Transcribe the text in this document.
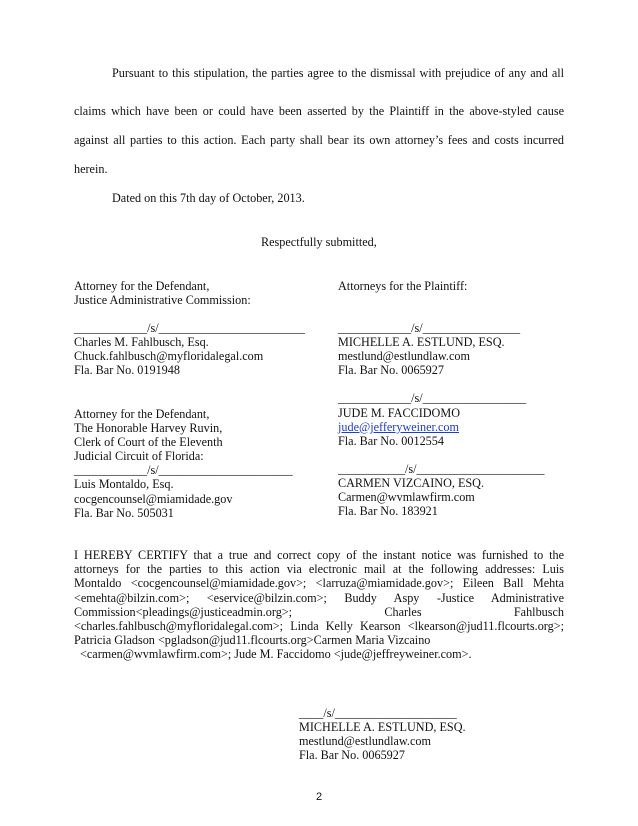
Pursuant to this stipulation, the parties agree to the dismissal with prejudice of any and all
claims which have been or could have been asserted by the Plaintiff in the above-styled cause
against all parties to this action. Each party shall bear its own attorney’s fees and costs incurred
herein.
Dated on this 7th day of October, 2013.
Respectfully submitted,
Attorney for the Defendant,
Justice Administrative Commission:
____________/s/________________________
Charles M. Fahlbusch, Esq.
Chuck.fahlbusch@myfloridalegal.com
Fla. Bar No. 0191948
Attorney for the Defendant,
The Honorable Harvey Ruvin,
Clerk of Court of the Eleventh
Judicial Circuit of Florida:
____________/s/______________________
Luis Montaldo, Esq.
cocgencounsel@miamidade.gov
Fla. Bar No. 505031
Attorneys for the Plaintiff:
____________/s/________________
MICHELLE A. ESTLUND, ESQ.
mestlund@estlundlaw.com
Fla. Bar No. 0065927
____________/s/_________________
JUDE M. FACCIDOMO
jude@jefferyweiner.com
Fla. Bar No. 0012554
___________/s/_____________________
CARMEN VIZCAINO, ESQ.
Carmen@wvmlawfirm.com
Fla. Bar No. 183921
I HEREBY CERTIFY that a true and correct copy of the instant notice was furnished to the
attorneys for the parties to this action via electronic mail at the following addresses: Luis
Montaldo <cocgencounsel@miamidade.gov>; <larruza@miamidade.gov>; Eileen Ball Mehta
<emehta@bilzin.com>; <eservice@bilzin.com>; Buddy Aspy -Justice Administrative
Commission<pleadings@justiceadmin.org>; Charles Fahlbusch
<charles.fahlbusch@myfloridalegal.com>; Linda Kelly Kearson <lkearson@jud11.flcourts.org>;
Patricia Gladson <pgladson@jud11.flcourts.org>Carmen Maria Vizcaino
<carmen@wvmlawfirm.com>; Jude M. Faccidomo <jude@jeffreyweiner.com>.
____/s/____________________
MICHELLE A. ESTLUND, ESQ.
mestlund@estlundlaw.com
Fla. Bar No. 0065927
2
